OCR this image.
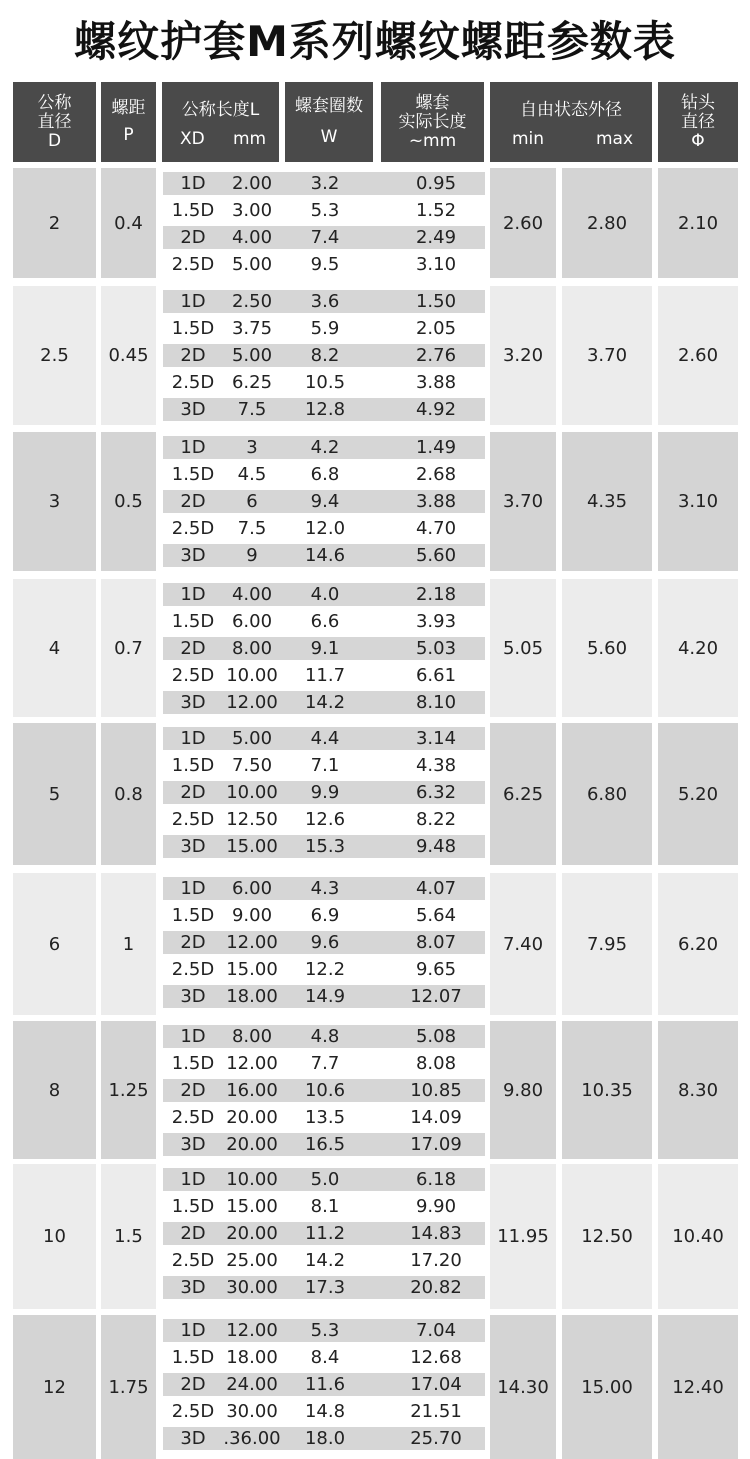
螺纹护套M系列螺纹螺距参数表
公称
直径
D
螺距
P
公称长度L
XD mm
螺套圈数
W
螺套
实际长度
~mm
自由状态外径
min	max
钻头
直径
Φ
2	0.4	2.60	2.80	2.10
1D	2.00	3.2	0.95
1.5D 3.00	5.3	1.52
2D	4.00	7.4	2.49
2.5D 5.00	9.5	3.10
2.5	0.45	3.20	3.70	2.60
1D	2.50	3.6	1.50
1.5D 3.75	5.9	2.05
2D	5.00	8.2	2.76
2.5D 6.25	10.5	3.88
3D	7.5	12.8	4.92
3	0.5	3.70	4.35	3.10
1D	3	4.2	1.49
1.5D	4.5	6.8	2.68
2D	6	9.4	3.88
2.5D	7.5	12.0	4.70
3D	9	14.6	5.60
4	0.7	5.05	5.60	4.20
1D	4.00	4.0	2.18
1.5D 6.00	6.6	3.93
2D	8.00	9.1	5.03
2.5D 10.00	11.7	6.61
3D	12.00	14.2	8.10
5	0.8	6.25	6.80	5.20
1D	5.00	4.4	3.14
1.5D 7.50	7.1	4.38
2D	10.00	9.9	6.32
2.5D 12.50	12.6	8.22
3D	15.00	15.3	9.48
6	1	7.40	7.95	6.20
1D	6.00	4.3	4.07
1.5D 9.00	6.9	5.64
2D	12.00	9.6	8.07
2.5D 15.00	12.2	9.65
3D	18.00	14.9	12.07
8	1.25	9.80	10.35	8.30
1D	8.00	4.8	5.08
1.5D 12.00	7.7	8.08
2D	16.00	10.6	10.85
2.5D 20.00	13.5	14.09
3D	20.00	16.5	17.09
10	1.5	11.95	12.50	10.40
1D	10.00	5.0	6.18
1.5D 15.00	8.1	9.90
2D	20.00	11.2	14.83
2.5D 25.00	14.2	17.20
3D	30.00	17.3	20.82
12	1.75	14.30	15.00	12.40
1D	12.00	5.3	7.04
1.5D 18.00	8.4	12.68
2D	24.00	11.6	17.04
2.5D 30.00	14.8	21.51
3D .36.00	18.0	25.70
